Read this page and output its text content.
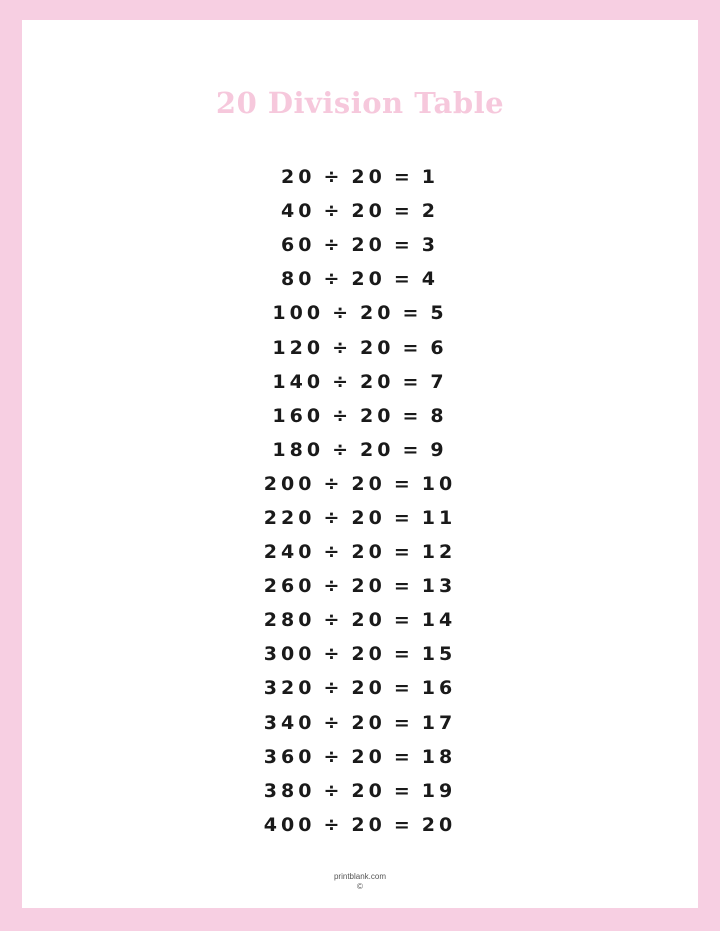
20 Division Table
20 ÷ 20 = 1
40 ÷ 20 = 2
60 ÷ 20 = 3
80 ÷ 20 = 4
100 ÷ 20 = 5
120 ÷ 20 = 6
140 ÷ 20 = 7
160 ÷ 20 = 8
180 ÷ 20 = 9
200 ÷ 20 = 10
220 ÷ 20 = 11
240 ÷ 20 = 12
260 ÷ 20 = 13
280 ÷ 20 = 14
300 ÷ 20 = 15
320 ÷ 20 = 16
340 ÷ 20 = 17
360 ÷ 20 = 18
380 ÷ 20 = 19
400 ÷ 20 = 20
printblank.com
©
